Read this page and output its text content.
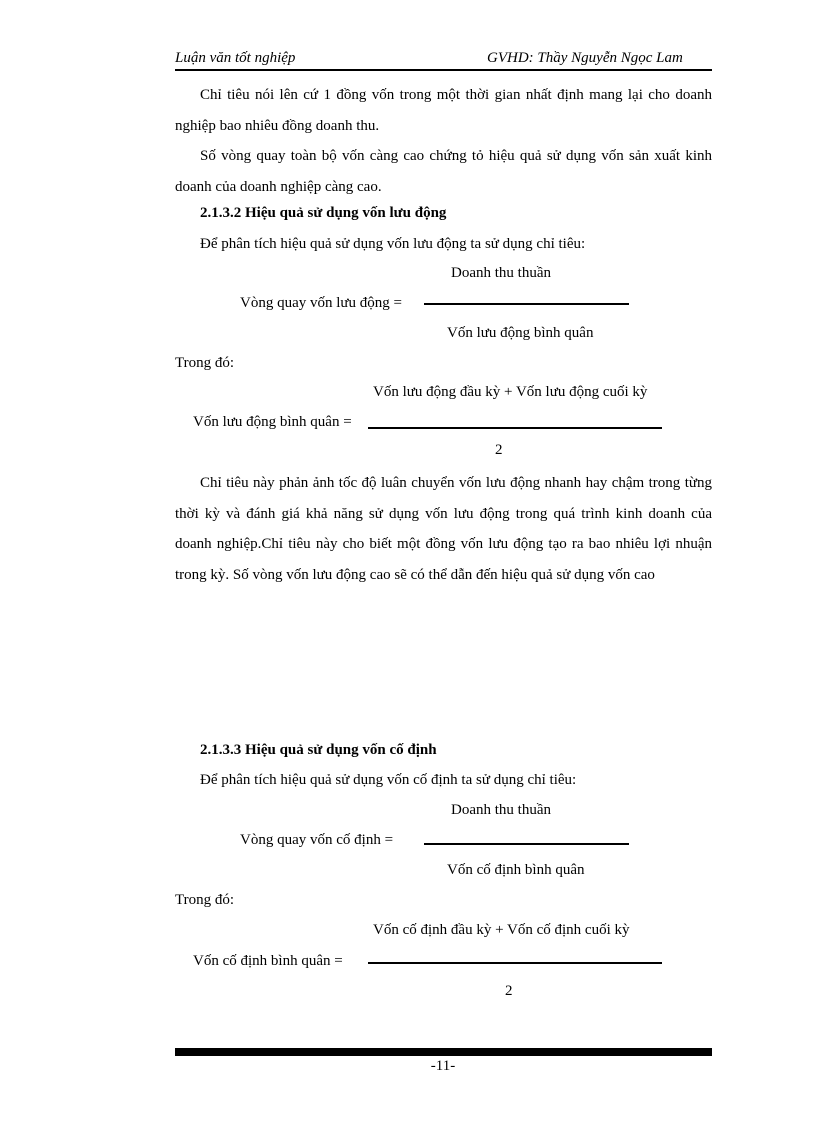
Luận văn tốt nghiệp	GVHD: Thầy Nguyễn Ngọc Lam

Chỉ tiêu nói lên cứ 1 đồng vốn trong một thời gian nhất định mang lại cho doanh nghiệp bao nhiêu đồng doanh thu.

Số vòng quay toàn bộ vốn càng cao chứng tỏ hiệu quả sử dụng vốn sản xuất kinh doanh của doanh nghiệp càng cao.

2.1.3.2 Hiệu quả sử dụng vốn lưu động
Để phân tích hiệu quả sử dụng vốn lưu động ta sử dụng chỉ tiêu:
Doanh thu thuần
Vòng quay vốn lưu động =
Vốn lưu động bình quân
Trong đó:
Vốn lưu động đầu kỳ + Vốn lưu động cuối kỳ
Vốn lưu động bình quân =
2

Chỉ tiêu này phản ảnh tốc độ luân chuyển vốn lưu động nhanh hay chậm trong từng thời kỳ và đánh giá khả năng sử dụng vốn lưu động trong quá trình kinh doanh của doanh nghiệp.Chỉ tiêu này cho biết một đồng vốn lưu động tạo ra bao nhiêu lợi nhuận trong kỳ. Số vòng vốn lưu động cao sẽ có thể dẫn đến hiệu quả sử dụng vốn cao

2.1.3.3 Hiệu quả sử dụng vốn cố định
Để phân tích hiệu quả sử dụng vốn cố định ta sử dụng chỉ tiêu:
Doanh thu thuần
Vòng quay vốn cố định =
Vốn cố định bình quân
Trong đó:
Vốn cố định đầu kỳ + Vốn cố định cuối kỳ
Vốn cố định bình quân =
2
-11-
